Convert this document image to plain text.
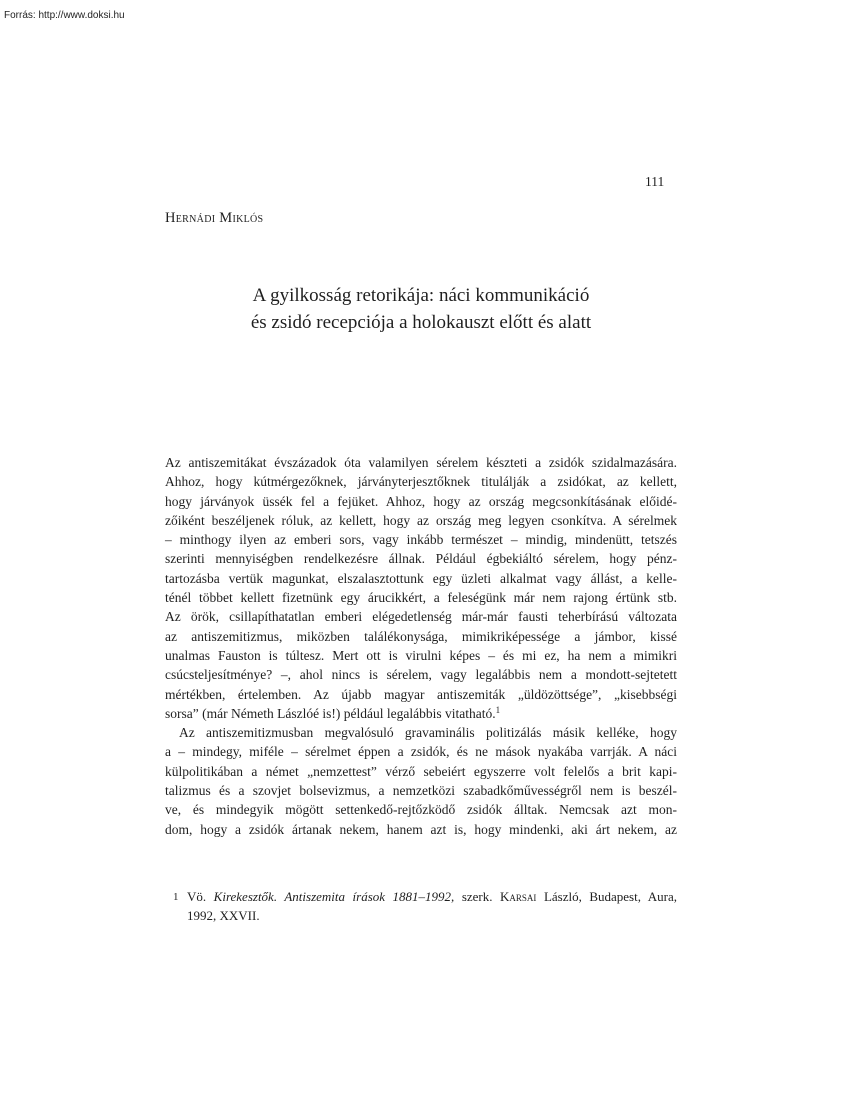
Forrás: http://www.doksi.hu
111
Hernádi Miklós
A gyilkosság retorikája: náci kommunikáció
és zsidó recepciója a holokauszt előtt és alatt
Az antiszemitákat évszázadok óta valamilyen sérelem készteti a zsidók szidalmazására.
Ahhoz, hogy kútmérgezőknek, járványterjesztőknek titulálják a zsidókat, az kellett,
hogy járványok üssék fel a fejüket. Ahhoz, hogy az ország megcsonkításának előidé-
zőiként beszéljenek róluk, az kellett, hogy az ország meg legyen csonkítva. A sérelmek
– minthogy ilyen az emberi sors, vagy inkább természet – mindig, mindenütt, tetszés
szerinti mennyiségben rendelkezésre állnak. Például égbekiáltó sérelem, hogy pénz-
tartozásba vertük magunkat, elszalasztottunk egy üzleti alkalmat vagy állást, a kelle-
ténél többet kellett fizetnünk egy árucikkért, a feleségünk már nem rajong értünk stb.
Az örök, csillapíthatatlan emberi elégedetlenség már-már fausti teherbírású változata
az antiszemitizmus, miközben találékonysága, mimikriképessége a jámbor, kissé
unalmas Fauston is túltesz. Mert ott is virulni képes – és mi ez, ha nem a mimikri
csúcsteljesítménye? –, ahol nincs is sérelem, vagy legalábbis nem a mondott-sejtetett
mértékben, értelemben. Az újabb magyar antiszemiták „üldözöttsége”, „kisebbségi
sorsa” (már Németh Lászlóé is!) például legalábbis vitatható.$^1$
Az antiszemitizmusban megvalósuló gravaminális politizálás másik kelléke, hogy
a – mindegy, miféle – sérelmet éppen a zsidók, és ne mások nyakába varrják. A náci
külpolitikában a német „nemzettest” vérző sebeiért egyszerre volt felelős a brit kapi-
talizmus és a szovjet bolsevizmus, a nemzetközi szabadkőművességről nem is beszél-
ve, és mindegyik mögött settenkedő-rejtőzködő zsidók álltak. Nemcsak azt mon-
dom, hogy a zsidók ártanak nekem, hanem azt is, hogy mindenki, aki árt nekem, az
1 Vö. Kirekesztők. Antiszemita írások 1881–1992, szerk. Karsai László, Budapest, Aura,
1992, XXVII.
